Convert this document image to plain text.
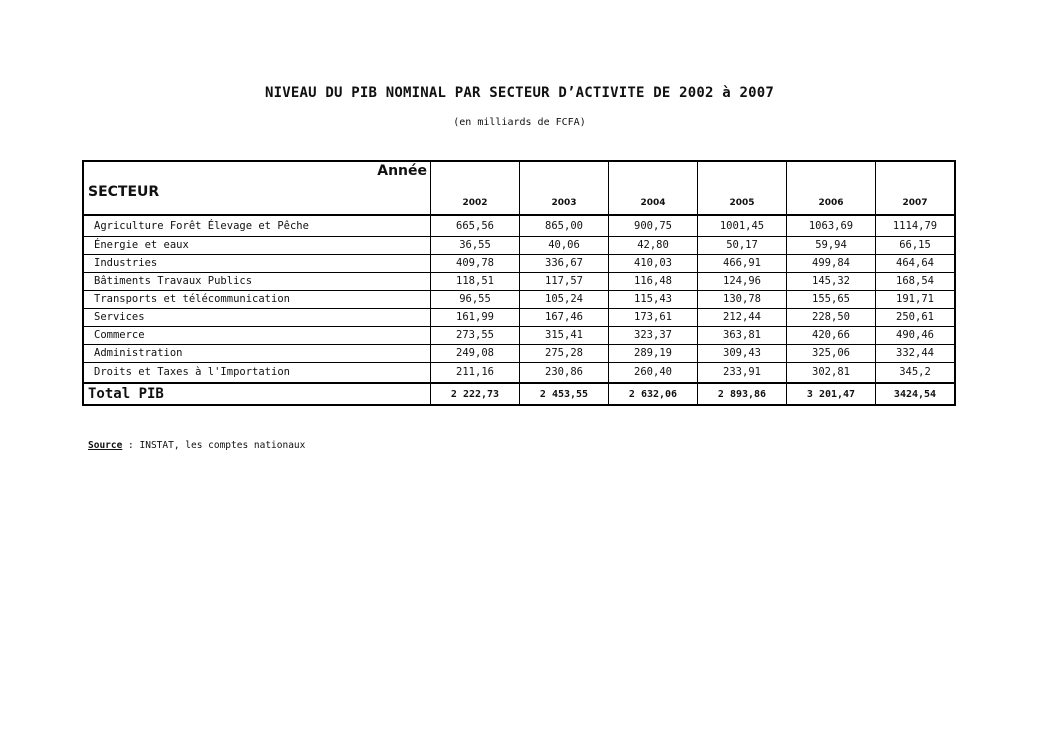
NIVEAU DU PIB NOMINAL PAR SECTEUR D’ACTIVITE DE 2002 à 2007
(en milliards de FCFA)
Année
SECTEUR	2002	2003	2004	2005	2006	2007
Agriculture Forêt Élevage et Pêche	665,56	865,00	900,75	1001,45	1063,69	1114,79
Énergie et eaux	36,55	40,06	42,80	50,17	59,94	66,15
Industries	409,78	336,67	410,03	466,91	499,84	464,64
Bâtiments Travaux Publics	118,51	117,57	116,48	124,96	145,32	168,54
Transports et télécommunication	96,55	105,24	115,43	130,78	155,65	191,71
Services	161,99	167,46	173,61	212,44	228,50	250,61
Commerce	273,55	315,41	323,37	363,81	420,66	490,46
Administration	249,08	275,28	289,19	309,43	325,06	332,44
Droits et Taxes à l'Importation	211,16	230,86	260,40	233,91	302,81	345,2
Total PIB	2 222,73	2 453,55	2 632,06	2 893,86	3 201,47	3424,54
Source : INSTAT, les comptes nationaux
